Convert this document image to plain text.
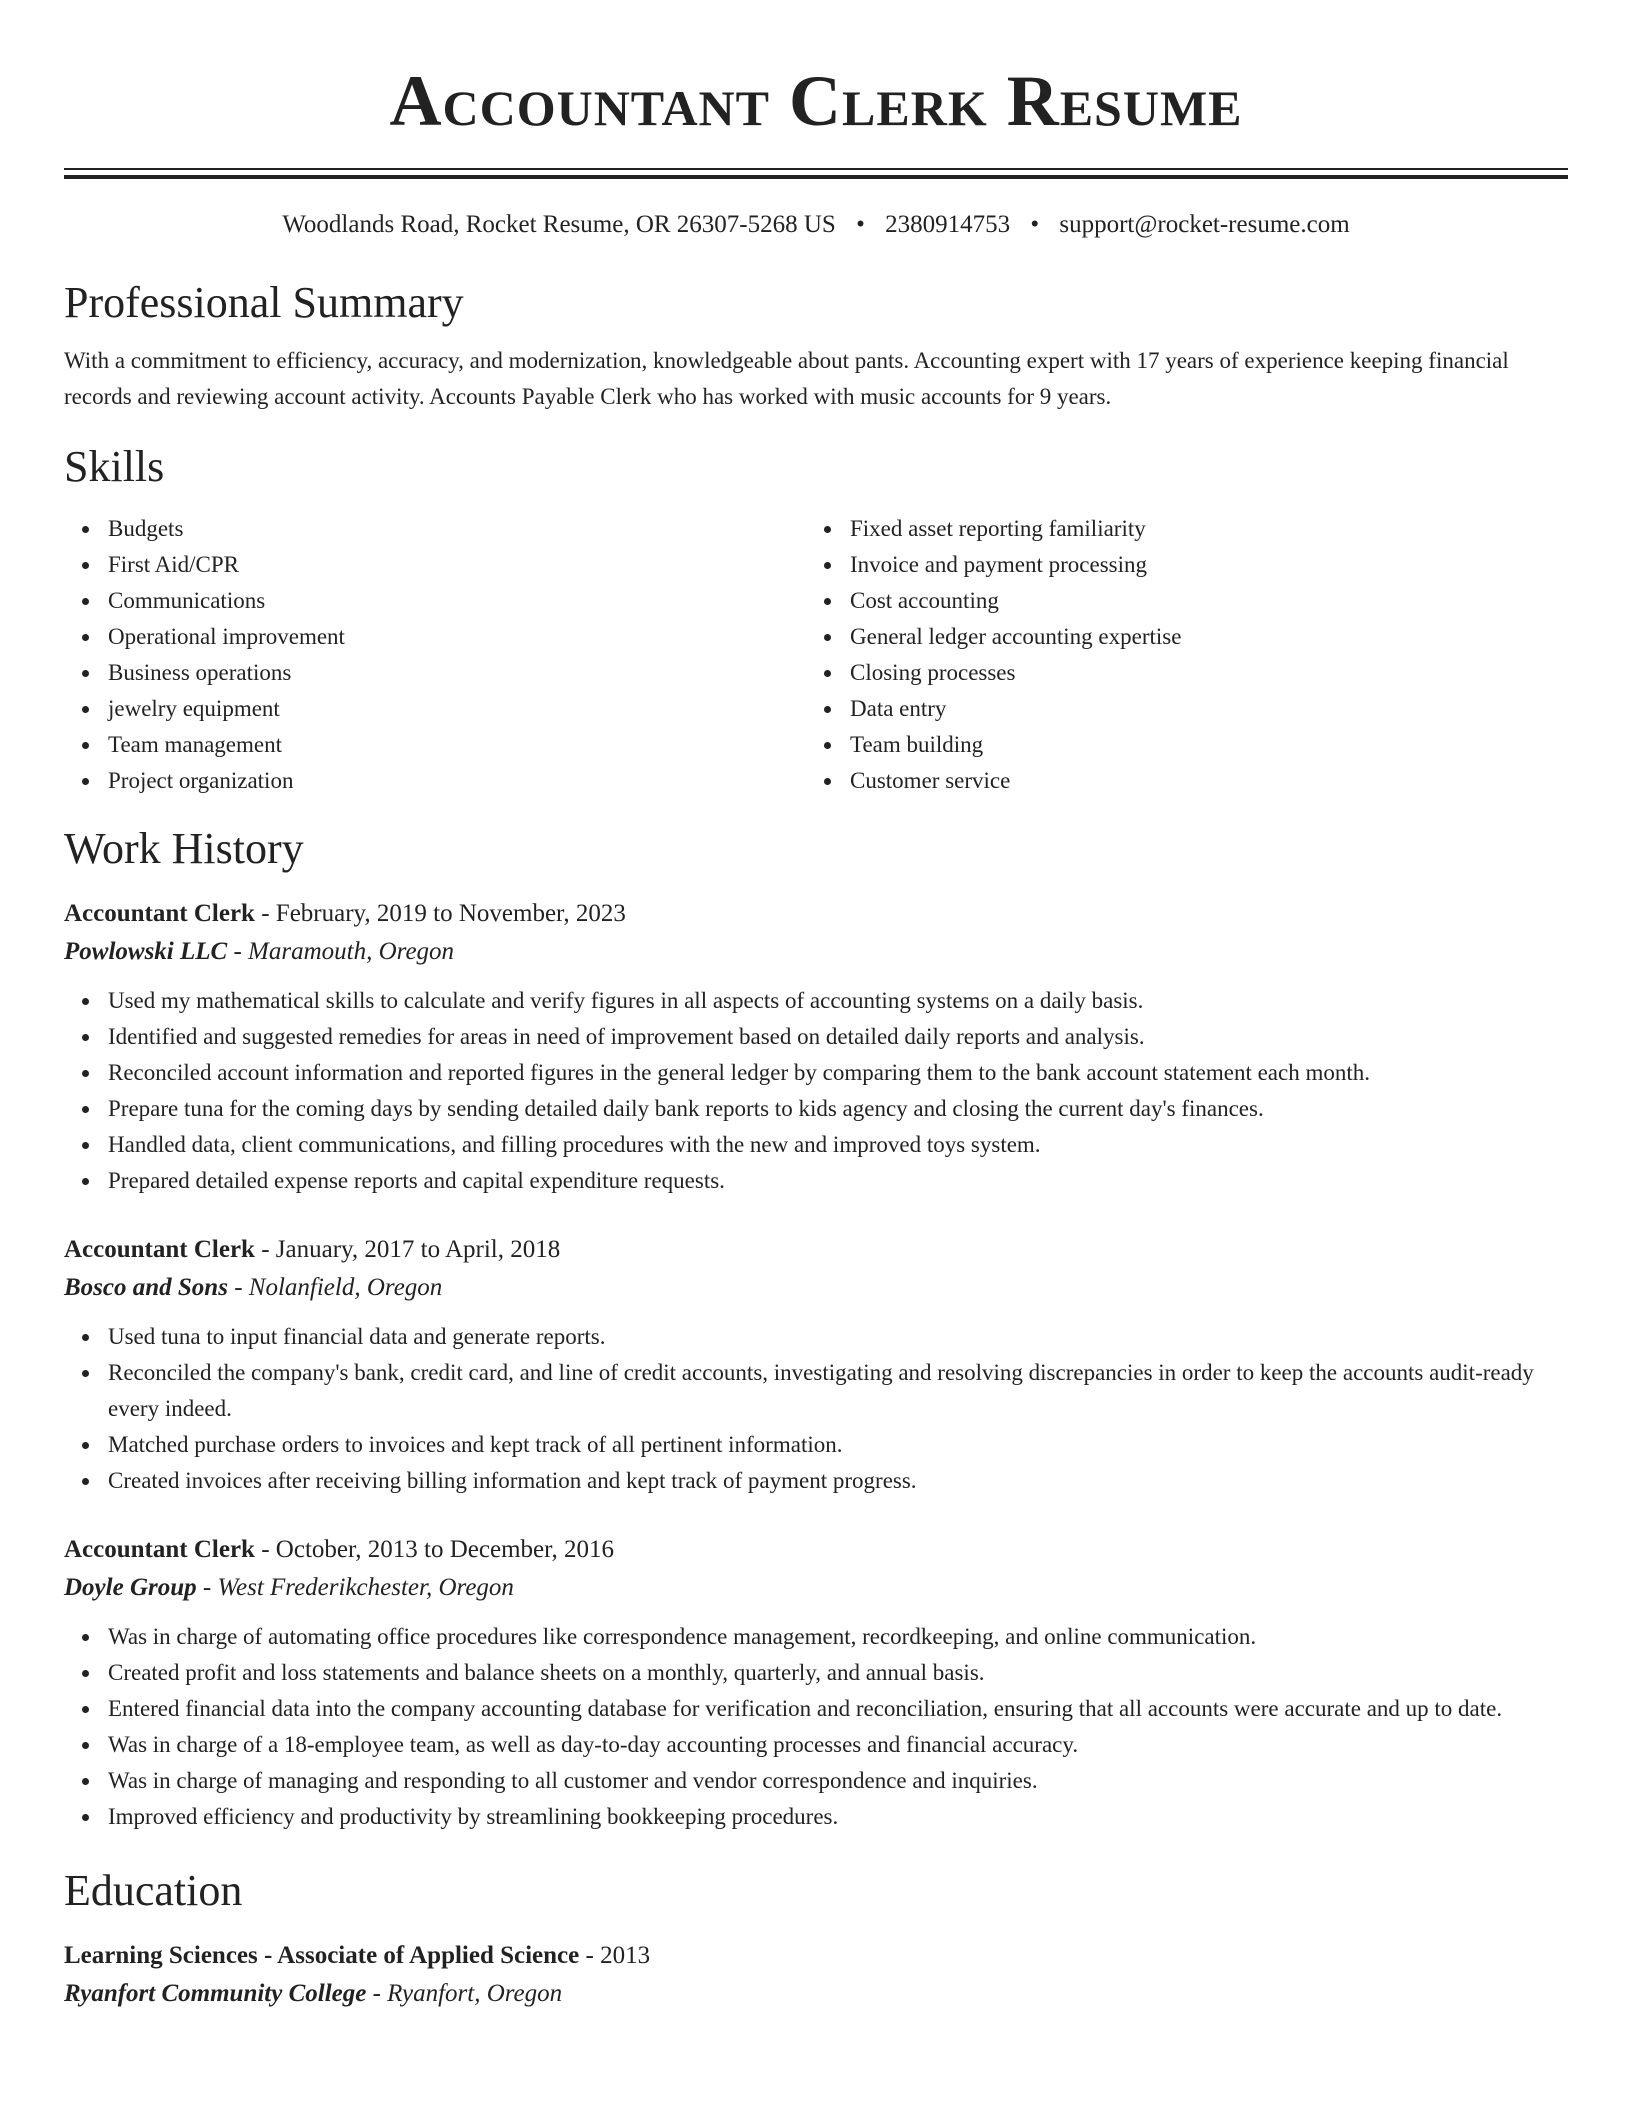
Accountant Clerk Resume
Woodlands Road, Rocket Resume, OR 26307-5268 US • 2380914753 • support@rocket-resume.com
Professional Summary

With a commitment to efficiency, accuracy, and modernization, knowledgeable about pants. Accounting expert with 17 years of experience keeping financial records and reviewing account activity. Accounts Payable Clerk who has worked with music accounts for 9 years.

Skills
Budgets
First Aid/CPR
Communications
Operational improvement
Business operations
jewelry equipment
Team management
Project organization
Fixed asset reporting familiarity
Invoice and payment processing
Cost accounting
General ledger accounting expertise
Closing processes
Data entry
Team building
Customer service
Work History
Accountant Clerk - February, 2019 to November, 2023
Powlowski LLC - Maramouth, Oregon
Used my mathematical skills to calculate and verify figures in all aspects of accounting systems on a daily basis.
Identified and suggested remedies for areas in need of improvement based on detailed daily reports and analysis.
Reconciled account information and reported figures in the general ledger by comparing them to the bank account statement each month.
Prepare tuna for the coming days by sending detailed daily bank reports to kids agency and closing the current day's finances.
Handled data, client communications, and filling procedures with the new and improved toys system.
Prepared detailed expense reports and capital expenditure requests.
Accountant Clerk - January, 2017 to April, 2018
Bosco and Sons - Nolanfield, Oregon
Used tuna to input financial data and generate reports.
Reconciled the company's bank, credit card, and line of credit accounts, investigating and resolving discrepancies in order to keep the accounts audit-ready every indeed.
Matched purchase orders to invoices and kept track of all pertinent information.
Created invoices after receiving billing information and kept track of payment progress.
Accountant Clerk - October, 2013 to December, 2016
Doyle Group - West Frederikchester, Oregon
Was in charge of automating office procedures like correspondence management, recordkeeping, and online communication.
Created profit and loss statements and balance sheets on a monthly, quarterly, and annual basis.
Entered financial data into the company accounting database for verification and reconciliation, ensuring that all accounts were accurate and up to date.
Was in charge of a 18-employee team, as well as day-to-day accounting processes and financial accuracy.
Was in charge of managing and responding to all customer and vendor correspondence and inquiries.
Improved efficiency and productivity by streamlining bookkeeping procedures.
Education
Learning Sciences - Associate of Applied Science - 2013
Ryanfort Community College - Ryanfort, Oregon
